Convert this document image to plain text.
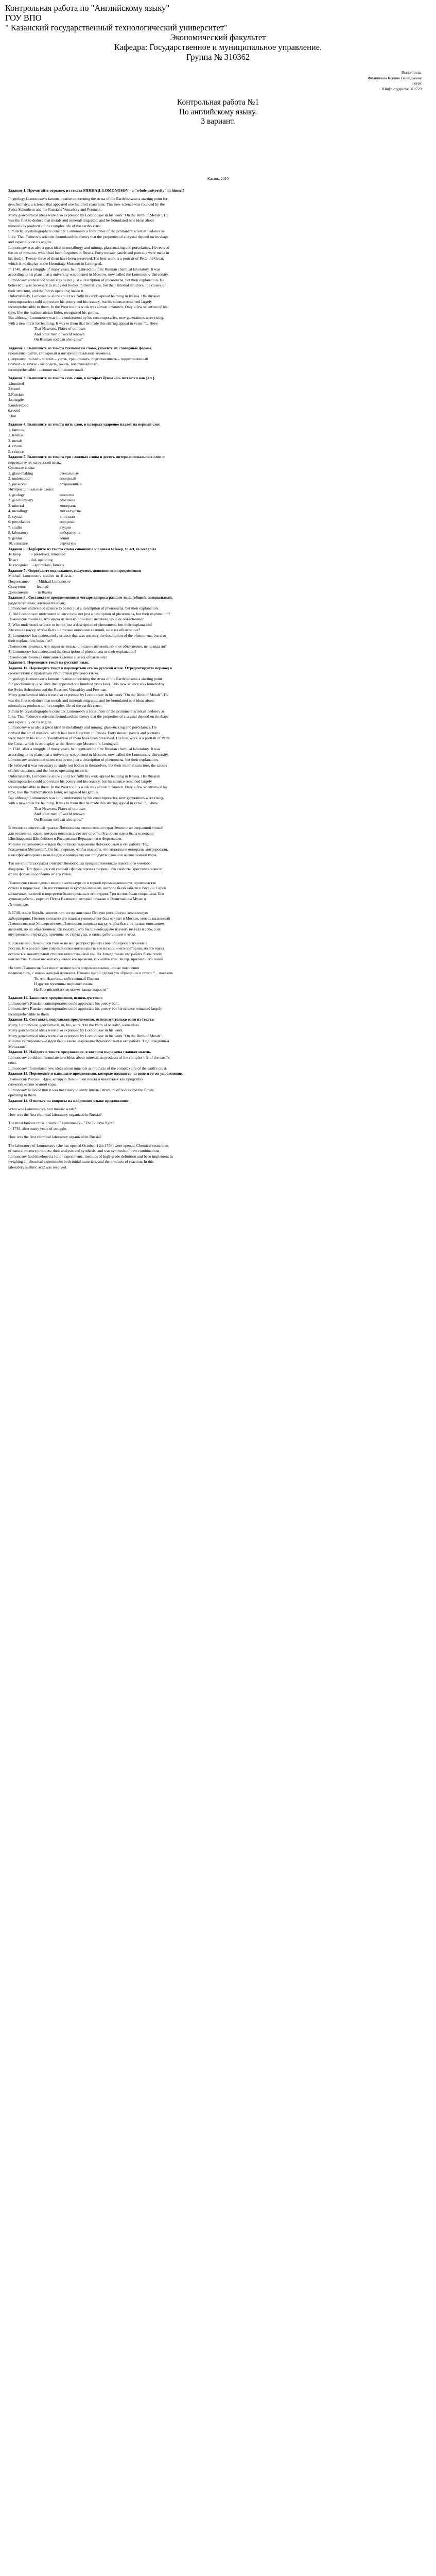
Контрольная работа по "Английскому языку"

ГОУ ВПО

" Казанский государственный технологический университет"

Экономический факультет

Кафедра: Государственное и муниципальное управление.

Группа № 310362

Выполнила:

Филиппова Ксения Геннадьевна

1 курс

Шифр студента: 310729

Контрольная работа №1

По английскому языку.

3 вариант.

Казань, 2010

Задание 1. Прочитайте отрывок из текста MIKHAIL LOMONOSOV - a "whole university" in himself

In geology Lomonosov's famous treatise concerning the strata of the Earth became a starting point for

geochemistry, a science that appeared one hundred years later. This new science was founded by the

Swiss Schonbein and the Russians Vernadsky and Fersman.

Many geochemical ideas were also expressed by Lomonosov in his work "On the Birth of Metals". He

was the first to deduce that metals and minerals migrated, and he formulated new ideas about

minerals as products of the complex life of the earth's crust.

Similarly, crystallographers consider Lomonosov a forerunner of the prominent scientist Fedorov as

Like. That Fedorov's scientist formulated the theory that the properties of a crystal depend on its shape

and especially on its angles.

Lomonosov was also a great ideal in metallurgy and mining, glass-making and porcelanics. He revived

the art of mosaics, which had been forgotten in Russia. Forty mosaic panels and portraits were made in

his studio. Twenty-three of them have been preserved. His best work is a portrait of Peter the Great,

which is on display at the Hermitage Museum in Leningrad.

In 1748, after a struggle of many years, he organised the first Russian chemical laboratory. It was

according to his plans that a university was opened in Moscow, now called the Lomonosov University.

Lomonosov understood science to be not just a description of phenomena, but their explanation. He

believed it was necessary to study not bodies in themselves, but their internal structure, the causes of

their structure, and the forces operating inside it.

Unfortunately, Lomonosov alone could not fulfil his wide-spread learning in Russia. His Russian

contemporaries could appreciate his poetry and his oratory, but his science remained largely

incomprehensible to them. In the West too his work was almost unknown. Only a few scientists of his

time, like the mathematician Euler, recognized his genius.

But although Lomonosov was little understood by his contemporaries, new generations were rising,

with a new thirst for learning. It was to them that he made this stirring appeal in verse: "... show

That Newtons, Plates of our own

And other men of world renown

On Russian soil can also grow"

Задание 2. Выпишите из текста технологии слова, укажите их словарные формы,

проанализируйте, словарный и интернациональные термины.

(например, trained – to train – учить, тренировать, подготавливать – подготовленный

revived - to revive - возродить, ожить, восстанавливать.

incomprehensible - непонятный, неизвестный.

Задание 3. Выпишите из текста семь слов, в которых буква -ou- читается как [ʌʊ ].

1.hundred

2.found

3.Russian

4.struggle

5.understood

6.round

7.but

Задание 4. Выпишите из текста пять слов, в которых ударение падает на первый слог

1. famous

2. treatise

3. metals

4. crystal

5. science

Задание 5. Выпишите из текста три сложных слова и десять интернациональных слов и

переведите их на русский язык.

Сложные слова:

1. glass-making	стекольные
2. understood	понятный
3. preserved	сохраненный

Интернациональные слова:

1. geology	геология
2. geochemistry	геохимия
3. mineral	минералы
4. metallogy	металлургия
5. crystal	кристалл
6. porcelanics	порцелан
7. studio	студия
8. laboratory	лаборатория
9. genius	гений
10. structure	структура

Задание 6. Подберите из текста слова синонимы к словам to keep, to act, to recognize

To keep           - preserved, remained

To act           - did, operating

To recognize    - appreciate, famous

Задание 7 . Определите подлежащее, сказуемое, дополнение в предложении

Mikhail  Lomonosov  studies  in  Russia.

Подлежащее       - Mikhail Lomonosov

Сказуемое         - learned

Дополнение       - in Russia

Задание 8 . Составьте и предложениями четыре вопроса разного типа (общий, специальный,

разделительный, альтернативный).

Lomonosov understood science to be not just a description of phenomena, but their explanation.

1) Did Lomonosov understand science to be not just a description of phenomena, but their explanation?

Ломоносов понимал, что наука не только описание явлений, но и их объяснение?

2) Who understood science to be not just a description of phenomena, but their explanation?

Кто понял науку, чтобы быть не только описание явлений, но и их объяснение?

3) Lomonosov has understood a science that was not only the description of the phenomena, but also

their explanation, hasn't he?

Ломоносов понимал, что наука не только описание явлений, но и их объяснение, не правда ли?

4) Lomonosov has understood the description of phenomena or their explanation?

Ломоносов понимал описание явлений или их объяснение?

Задание 9. Переведите текст на русский язык.

Задание 10. Переведите текст в перевертыш его на русский язык. Отредактируйте перевод в

соответствии с правилами стилистики русского языка.

In geology Lomonosov's famous treatise concerning the strata of the Earth became a starting point

for geochemistry, a science that appeared one hundred years later. This new science was founded by

the Swiss Schonbein and the Russians Vernadsky and Fersman.

Many geochemical ideas were also expressed by Lomonosov in his work "On the Birth of Metals". He

was the first to deduce that metals and minerals migrated, and he formulated new ideas about

minerals as products of the complex life of the earth's crust.

Similarly, crystallographers consider Lomonosov a forerunner of the prominent scientist Fedorov as

Like. That Fedorov's scientist formulated the theory that the properties of a crystal depend on its shape

and especially on its angles.

Lomonosov was also a great ideal in metallurgy and mining, glass-making and porcelanics. He

revived the art of mosaics, which had been forgotten in Russia. Forty mosaic panels and portraits

were made in his studio. Twenty-three of them have been preserved. His best work is a portrait of Peter

the Great, which is on display at the Hermitage Museum in Leningrad.

In 1748, after a struggle of many years, he organised the first Russian chemical laboratory. It was

according to his plans that a university was opened in Moscow, now called the Lomonosov University.

Lomonosov understood science to be not just a description of phenomena, but their explanation.

He believed it was necessary to study not bodies in themselves, but their internal structure, the causes

of their structure, and the forces operating inside it.

Unfortunately, Lomonosov alone could not fulfil his wide-spread learning in Russia. His Russian

contemporaries could appreciate his poetry and his oratory, but his science remained largely

incomprehensible to them. In the West too his work was almost unknown. Only a few scientists of his

time, like the mathematician Euler, recognized his genius.

But although Lomonosov was little understood by his contemporaries, new generations were rising,

with a new thirst for learning. It was to them that he made this stirring appeal in verse: "... show

That Newtons, Plates of our own

And other men of world renown

On Russian soil can also grow"

В геологии известный трактат Ломоносова относительно страт Земли стал отправной точкой

для геохимии, науки, которая появилась сто лет спустя. Эта новая наука была основана

Швейцарским Шенбейном и Россиянами Вернадским и Ферсманом.

Многие геохимические идеи были также выражены Ломоносовым в его работе "Над

Рождением Металлов". Он был первым, чтобы вывести, что металлы и минералы мигрировали,

и он сформулировал новые идеи о минералах как продукты сложной жизни земной коры.

Так же кристаллографы считают Ломоносова предшественником известного ученого

Федорова. Тот французский ученый сформулировал теорию, что свойства кристалла зависят

от его формы и особенно от его углов.

Ломоносов также сделал много в металлургии и горной промышленности, производстве

стекла и порцелане. Он восстановил искусство мозаики, которое было забыто в России. Сорок

мозаичных панелей и портретов были сделаны в его студии. Три из них были сохранены. Его

лучшая работа - портрет Петра Великого, который показан в Эрмитажном Музее в

Ленинграде.

В 1748, после борьбы многих лет, он организовал Первую российскую химическую

лабораторию. Именно согласно его планам университет был открыт в Москве, теперь названный

Ломоносовским Университетом. Ломоносов понимал науку, чтобы быть не только описанием

явлений, но их объяснением. Он полагал, что было необходимо изучить не тела в себе, а их

внутреннюю структуру, причины их структуры, и силы, работающие в этом.

К сожалению, Ломоносов только не мог распространить свое обширное изучение в

России. Его российские современники могли ценить его поэзию и его ораторию, но его наука

осталась в значительной степени непостижимой им. На Западе также его работа была почти

неизвестна. Только несколько ученых его времени, как математик Эйлер, признали его гений.

Но хотя Ломоносов был понят немного его современниками, новые поколения

поднимались, с новой жаждой изучения. Именно им он сделал это обращение в стихе: "... показать

То, что Ньютоны, собственный Платон

И другие мужчины мирового славы

На Российской почве может также вырасти"

Задание 11. Закончите предложения, используя текст.

Lomonosov's Russian contemporaries could appreciate his poetry but...

Lomonosov's Russian contemporaries could appreciate his poetry but his science remained largely

incomprehensible to them.

Задание 12. Составьте, подставляя предложения, используя только один из текста:

Many, Lomonosov, geochemical, in, his, work "On the Birth of Metals", were ideas

Many geochemical ideas were also expressed by Lomonosov in his work.

Many geochemical ideas were also expressed by Lomonosov in his work "On the Birth of Metals".

Многие геохимические идеи были также выражены Ломоносовым в его работе "Над Рождением

Металлов".

Задание 13. Найдите в тексте предложение, в котором выражена главная мысль.

Lomonosov could not formulate new ideas about minerals as products of the complex life of the earth's

crust.

Lomonosov "formulated new ideas about minerals as products of the complex life of the earth's crust.

Задание 13. Переведите и напишите предложения, которые находятся на одно и то же упражнение.

Ломоносов Россию. Идея, которую Ломоносов понял о минералах как продуктах

сложной жизни земной коры.

Lomonosov believed that it was necessary to study internal structure of bodies and the forces

operating in them.

Задание 14. Ответьте на вопросы на найденном языке предложении:

What was Lomonosov's best mosaic work?

How was the first chemical laboratory organized in Russia?

The most famous mosaic work of Lomonosov - "The Poltava fight".

In 1748, after many years of struggle.

How was the first chemical laboratory organized in Russia?

The laboratory of Lomonosov (she has opened October, 12th 1748) were opened. Chemical researches

of natural mixture products, their analysis and synthesis, and was synthesis of new combinations.

Lomonosov had developed a lot of experiments, methods of high-grade definition and been implement in

weighing all chemical experiments both initial materials, and the products of reaction. In this

laboratory sulfuric acid was received.
